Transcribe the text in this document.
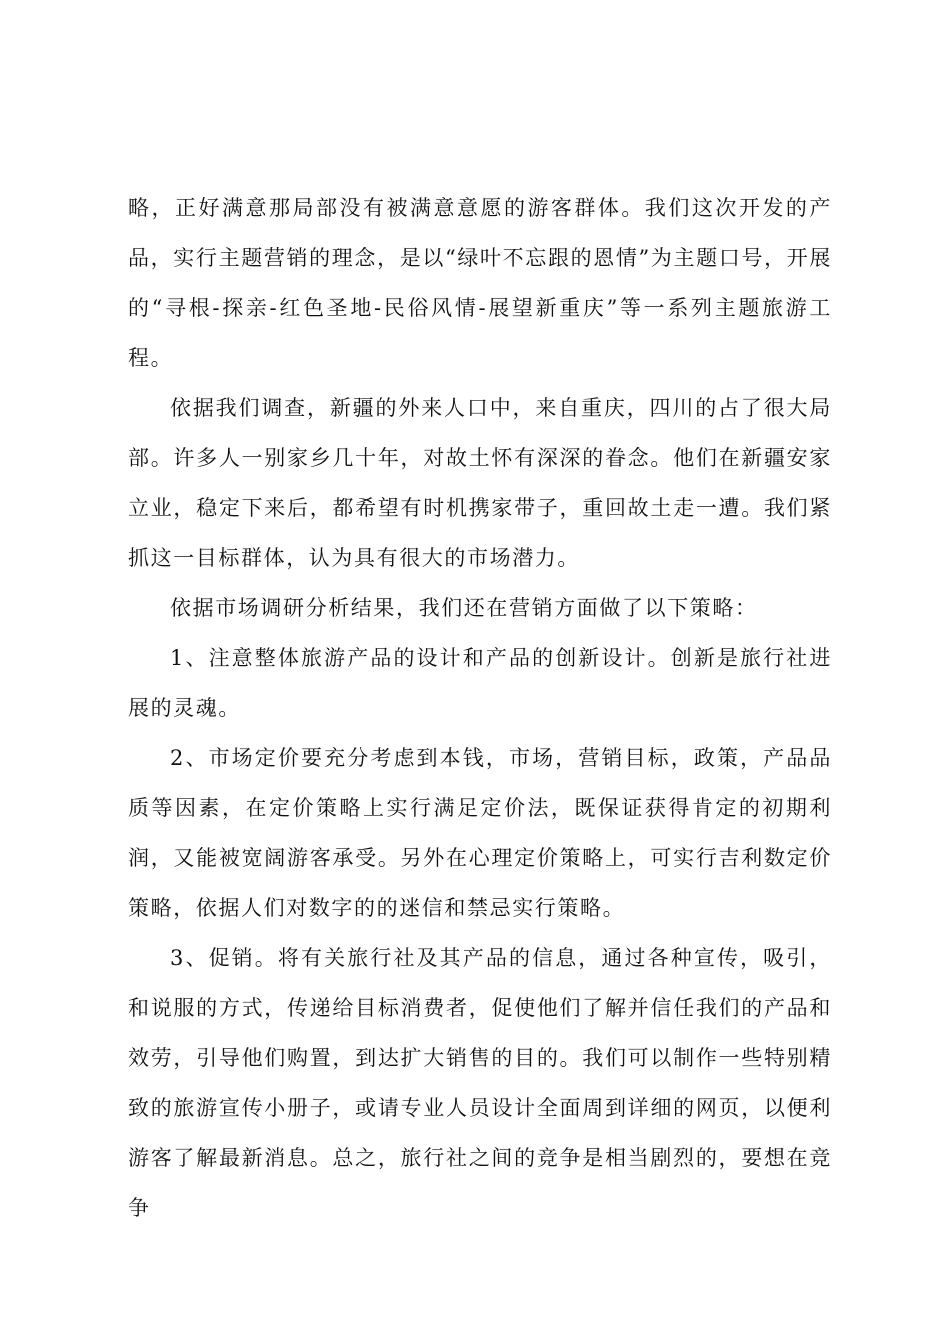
略，正好满意那局部没有被满意意愿的游客群体。我们这次开发的产品，实行主题营销的理念，是以“绿叶不忘跟的恩情”为主题口号，开展的“寻根-探亲-红色圣地-民俗风情-展望新重庆”等一系列主题旅游工程。

依据我们调查，新疆的外来人口中，来自重庆，四川的占了很大局部。许多人一别家乡几十年，对故土怀有深深的眷念。他们在新疆安家立业，稳定下来后，都希望有时机携家带子，重回故土走一遭。我们紧抓这一目标群体，认为具有很大的市场潜力。

依据市场调研分析结果，我们还在营销方面做了以下策略：

1、注意整体旅游产品的设计和产品的创新设计。创新是旅行社进展的灵魂。

2、市场定价要充分考虑到本钱，市场，营销目标，政策，产品品质等因素，在定价策略上实行满足定价法，既保证获得肯定的初期利润，又能被宽阔游客承受。另外在心理定价策略上，可实行吉利数定价策略，依据人们对数字的的迷信和禁忌实行策略。

3、促销。将有关旅行社及其产品的信息，通过各种宣传，吸引，和说服的方式，传递给目标消费者，促使他们了解并信任我们的产品和效劳，引导他们购置，到达扩大销售的目的。我们可以制作一些特别精致的旅游宣传小册子，或请专业人员设计全面周到详细的网页，以便利游客了解最新消息。总之，旅行社之间的竞争是相当剧烈的，要想在竞争
